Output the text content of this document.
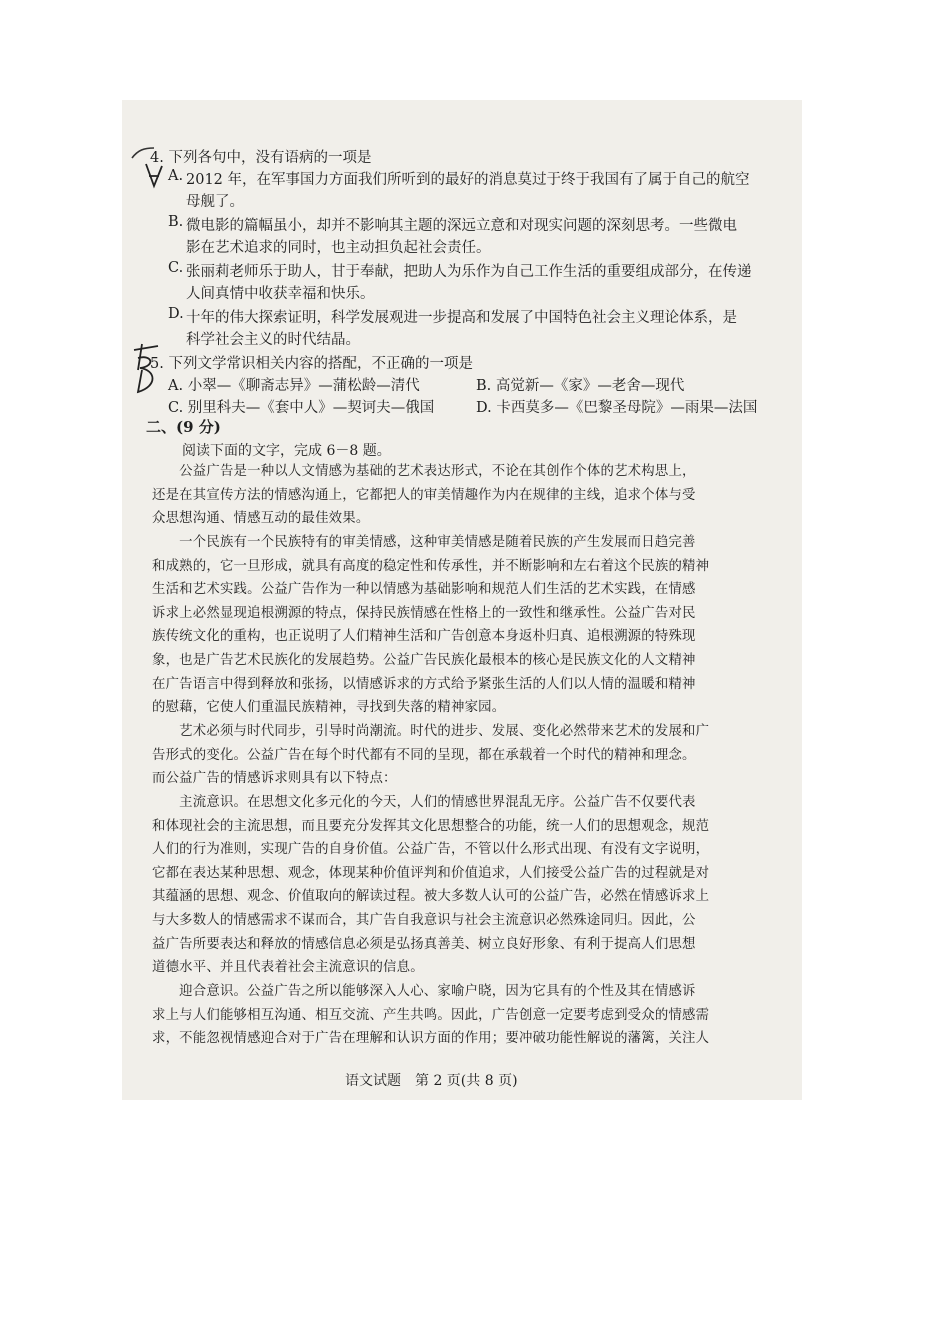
4. 下列各句中，没有语病的一项是
A. 2012 年，在军事国力方面我们所听到的最好的消息莫过于终于我国有了属于自己的航空
母舰了。
B. 微电影的篇幅虽小，却并不影响其主题的深远立意和对现实问题的深刻思考。一些微电
影在艺术追求的同时，也主动担负起社会责任。
C. 张丽莉老师乐于助人，甘于奉献，把助人为乐作为自己工作生活的重要组成部分，在传递
人间真情中收获幸福和快乐。
D. 十年的伟大探索证明，科学发展观进一步提高和发展了中国特色社会主义理论体系，是
科学社会主义的时代结晶。
5. 下列文学常识相关内容的搭配，不正确的一项是
A. 小翠—《聊斋志异》—蒲松龄—清代	B. 高觉新—《家》—老舍—现代
C. 别里科夫—《套中人》—契诃夫—俄国	D. 卡西莫多—《巴黎圣母院》—雨果—法国
二、(9 分)
阅读下面的文字，完成 6－8 题。
　　公益广告是一种以人文情感为基础的艺术表达形式，不论在其创作个体的艺术构思上，
还是在其宣传方法的情感沟通上，它都把人的审美情趣作为内在规律的主线，追求个体与受
众思想沟通、情感互动的最佳效果。
　　一个民族有一个民族特有的审美情感，这种审美情感是随着民族的产生发展而日趋完善
和成熟的，它一旦形成，就具有高度的稳定性和传承性，并不断影响和左右着这个民族的精神
生活和艺术实践。公益广告作为一种以情感为基础影响和规范人们生活的艺术实践，在情感
诉求上必然显现追根溯源的特点，保持民族情感在性格上的一致性和继承性。公益广告对民
族传统文化的重构，也正说明了人们精神生活和广告创意本身返朴归真、追根溯源的特殊现
象，也是广告艺术民族化的发展趋势。公益广告民族化最根本的核心是民族文化的人文精神
在广告语言中得到释放和张扬，以情感诉求的方式给予紧张生活的人们以人情的温暖和精神
的慰藉，它使人们重温民族精神，寻找到失落的精神家园。
　　艺术必须与时代同步，引导时尚潮流。时代的进步、发展、变化必然带来艺术的发展和广
告形式的变化。公益广告在每个时代都有不同的呈现，都在承载着一个时代的精神和理念。
而公益广告的情感诉求则具有以下特点：
　　主流意识。在思想文化多元化的今天，人们的情感世界混乱无序。公益广告不仅要代表
和体现社会的主流思想，而且要充分发挥其文化思想整合的功能，统一人们的思想观念，规范
人们的行为准则，实现广告的自身价值。公益广告，不管以什么形式出现、有没有文字说明，
它都在表达某种思想、观念，体现某种价值评判和价值追求，人们接受公益广告的过程就是对
其蕴涵的思想、观念、价值取向的解读过程。被大多数人认可的公益广告，必然在情感诉求上
与大多数人的情感需求不谋而合，其广告自我意识与社会主流意识必然殊途同归。因此，公
益广告所要表达和释放的情感信息必须是弘扬真善美、树立良好形象、有利于提高人们思想
道德水平、并且代表着社会主流意识的信息。
　　迎合意识。公益广告之所以能够深入人心、家喻户晓，因为它具有的个性及其在情感诉
求上与人们能够相互沟通、相互交流、产生共鸣。因此，广告创意一定要考虑到受众的情感需
求，不能忽视情感迎合对于广告在理解和认识方面的作用；要冲破功能性解说的藩篱，关注人
语文试题　第 2 页(共 8 页)
